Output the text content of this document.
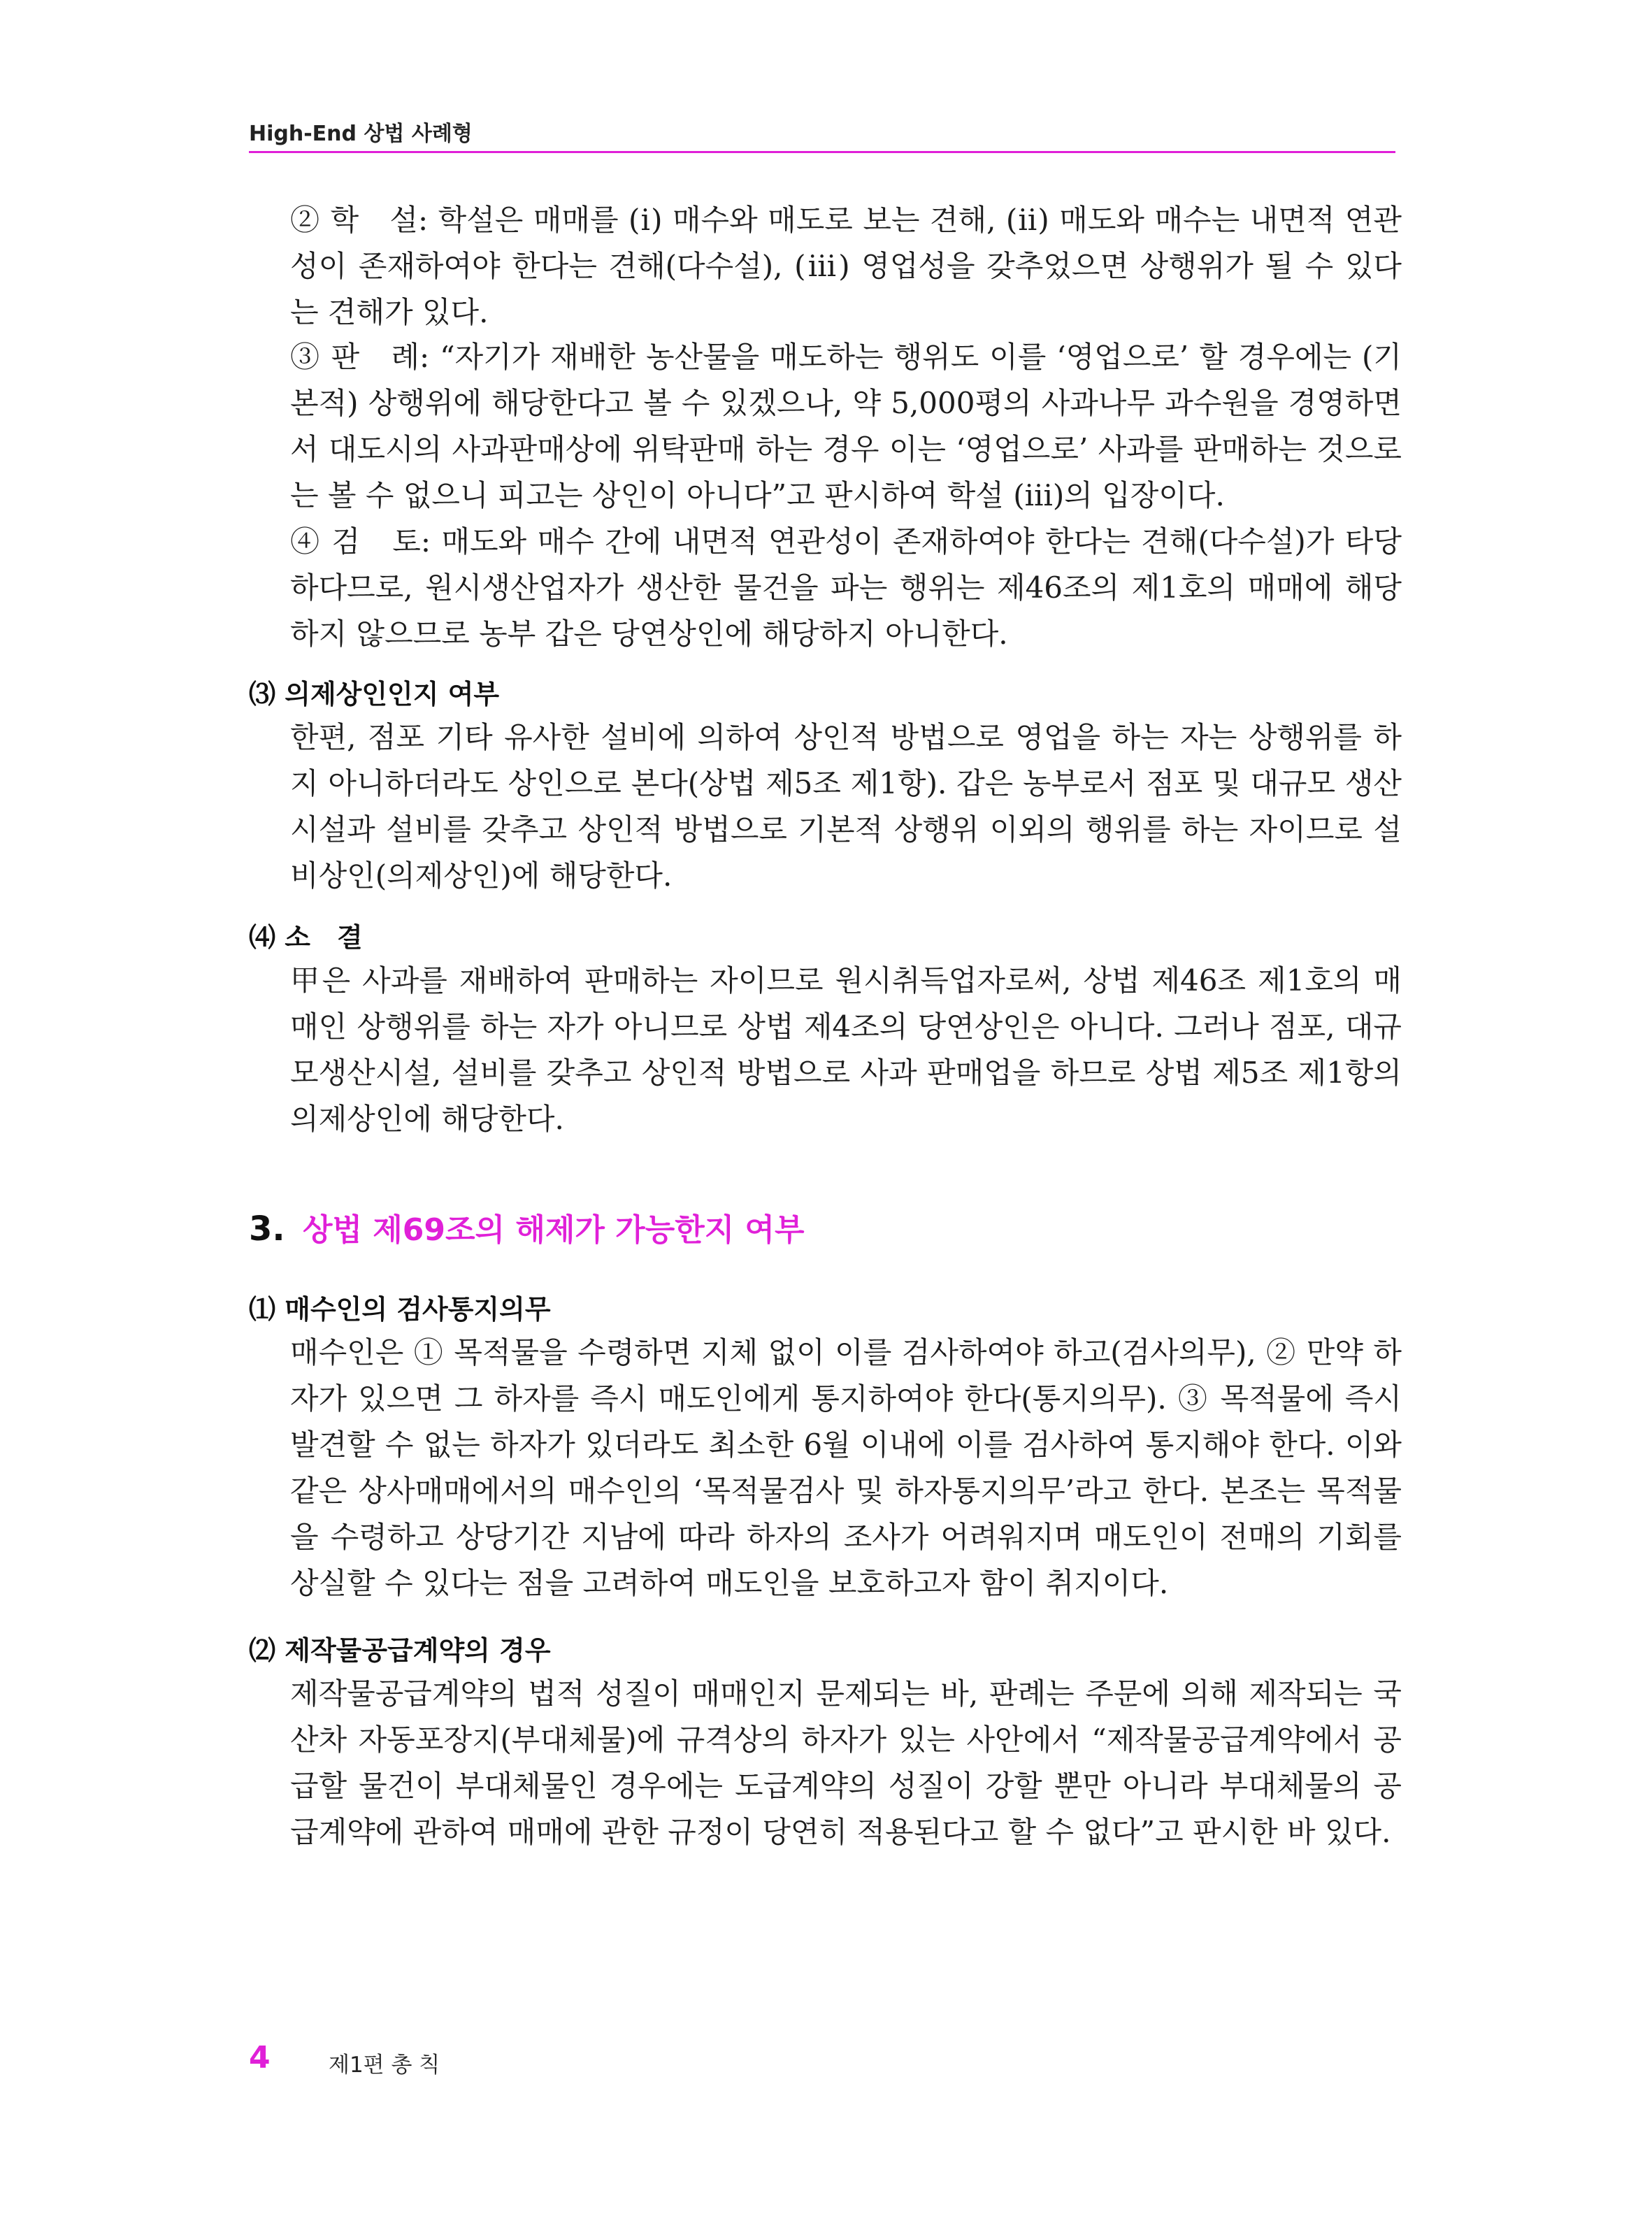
High-End 상법 사례형
② 학　설: 학설은 매매를 (ⅰ) 매수와 매도로 보는 견해, (ⅱ) 매도와 매수는 내면적 연관성이 존재하여야 한다는 견해(다수설), (ⅲ) 영업성을 갖추었으면 상행위가 될 수 있다는 견해가 있다.
③ 판　례: “자기가 재배한 농산물을 매도하는 행위도 이를 ‘영업으로’ 할 경우에는 (기본적) 상행위에 해당한다고 볼 수 있겠으나, 약 5,000평의 사과나무 과수원을 경영하면서 대도시의 사과판매상에 위탁판매 하는 경우 이는 ‘영업으로’ 사과를 판매하는 것으로는 볼 수 없으니 피고는 상인이 아니다”고 판시하여 학설 (ⅲ)의 입장이다.
④ 검　토: 매도와 매수 간에 내면적 연관성이 존재하여야 한다는 견해(다수설)가 타당하다므로, 원시생산업자가 생산한 물건을 파는 행위는 제46조의 제1호의 매매에 해당하지 않으므로 농부 갑은 당연상인에 해당하지 아니한다.
⑶ 의제상인인지 여부
한편, 점포 기타 유사한 설비에 의하여 상인적 방법으로 영업을 하는 자는 상행위를 하지 아니하더라도 상인으로 본다(상법 제5조 제1항). 갑은 농부로서 점포 및 대규모 생산시설과 설비를 갖추고 상인적 방법으로 기본적 상행위 이외의 행위를 하는 자이므로 설비상인(의제상인)에 해당한다.
⑷ 소　결
甲은 사과를 재배하여 판매하는 자이므로 원시취득업자로써, 상법 제46조 제1호의 매매인 상행위를 하는 자가 아니므로 상법 제4조의 당연상인은 아니다. 그러나 점포, 대규모생산시설, 설비를 갖추고 상인적 방법으로 사과 판매업을 하므로 상법 제5조 제1항의 의제상인에 해당한다.
3. 상법 제69조의 해제가 가능한지 여부
⑴ 매수인의 검사통지의무
매수인은 ① 목적물을 수령하면 지체 없이 이를 검사하여야 하고(검사의무), ② 만약 하자가 있으면 그 하자를 즉시 매도인에게 통지하여야 한다(통지의무). ③ 목적물에 즉시 발견할 수 없는 하자가 있더라도 최소한 6월 이내에 이를 검사하여 통지해야 한다. 이와 같은 상사매매에서의 매수인의 ‘목적물검사 및 하자통지의무’라고 한다. 본조는 목적물을 수령하고 상당기간 지남에 따라 하자의 조사가 어려워지며 매도인이 전매의 기회를 상실할 수 있다는 점을 고려하여 매도인을 보호하고자 함이 취지이다.
⑵ 제작물공급계약의 경우
제작물공급계약의 법적 성질이 매매인지 문제되는 바, 판례는 주문에 의해 제작되는 국산차 자동포장지(부대체물)에 규격상의 하자가 있는 사안에서 “제작물공급계약에서 공급할 물건이 부대체물인 경우에는 도급계약의 성질이 강할 뿐만 아니라 부대체물의 공급계약에 관하여 매매에 관한 규정이 당연히 적용된다고 할 수 없다”고 판시한 바 있다.
4	제1편 총 칙
